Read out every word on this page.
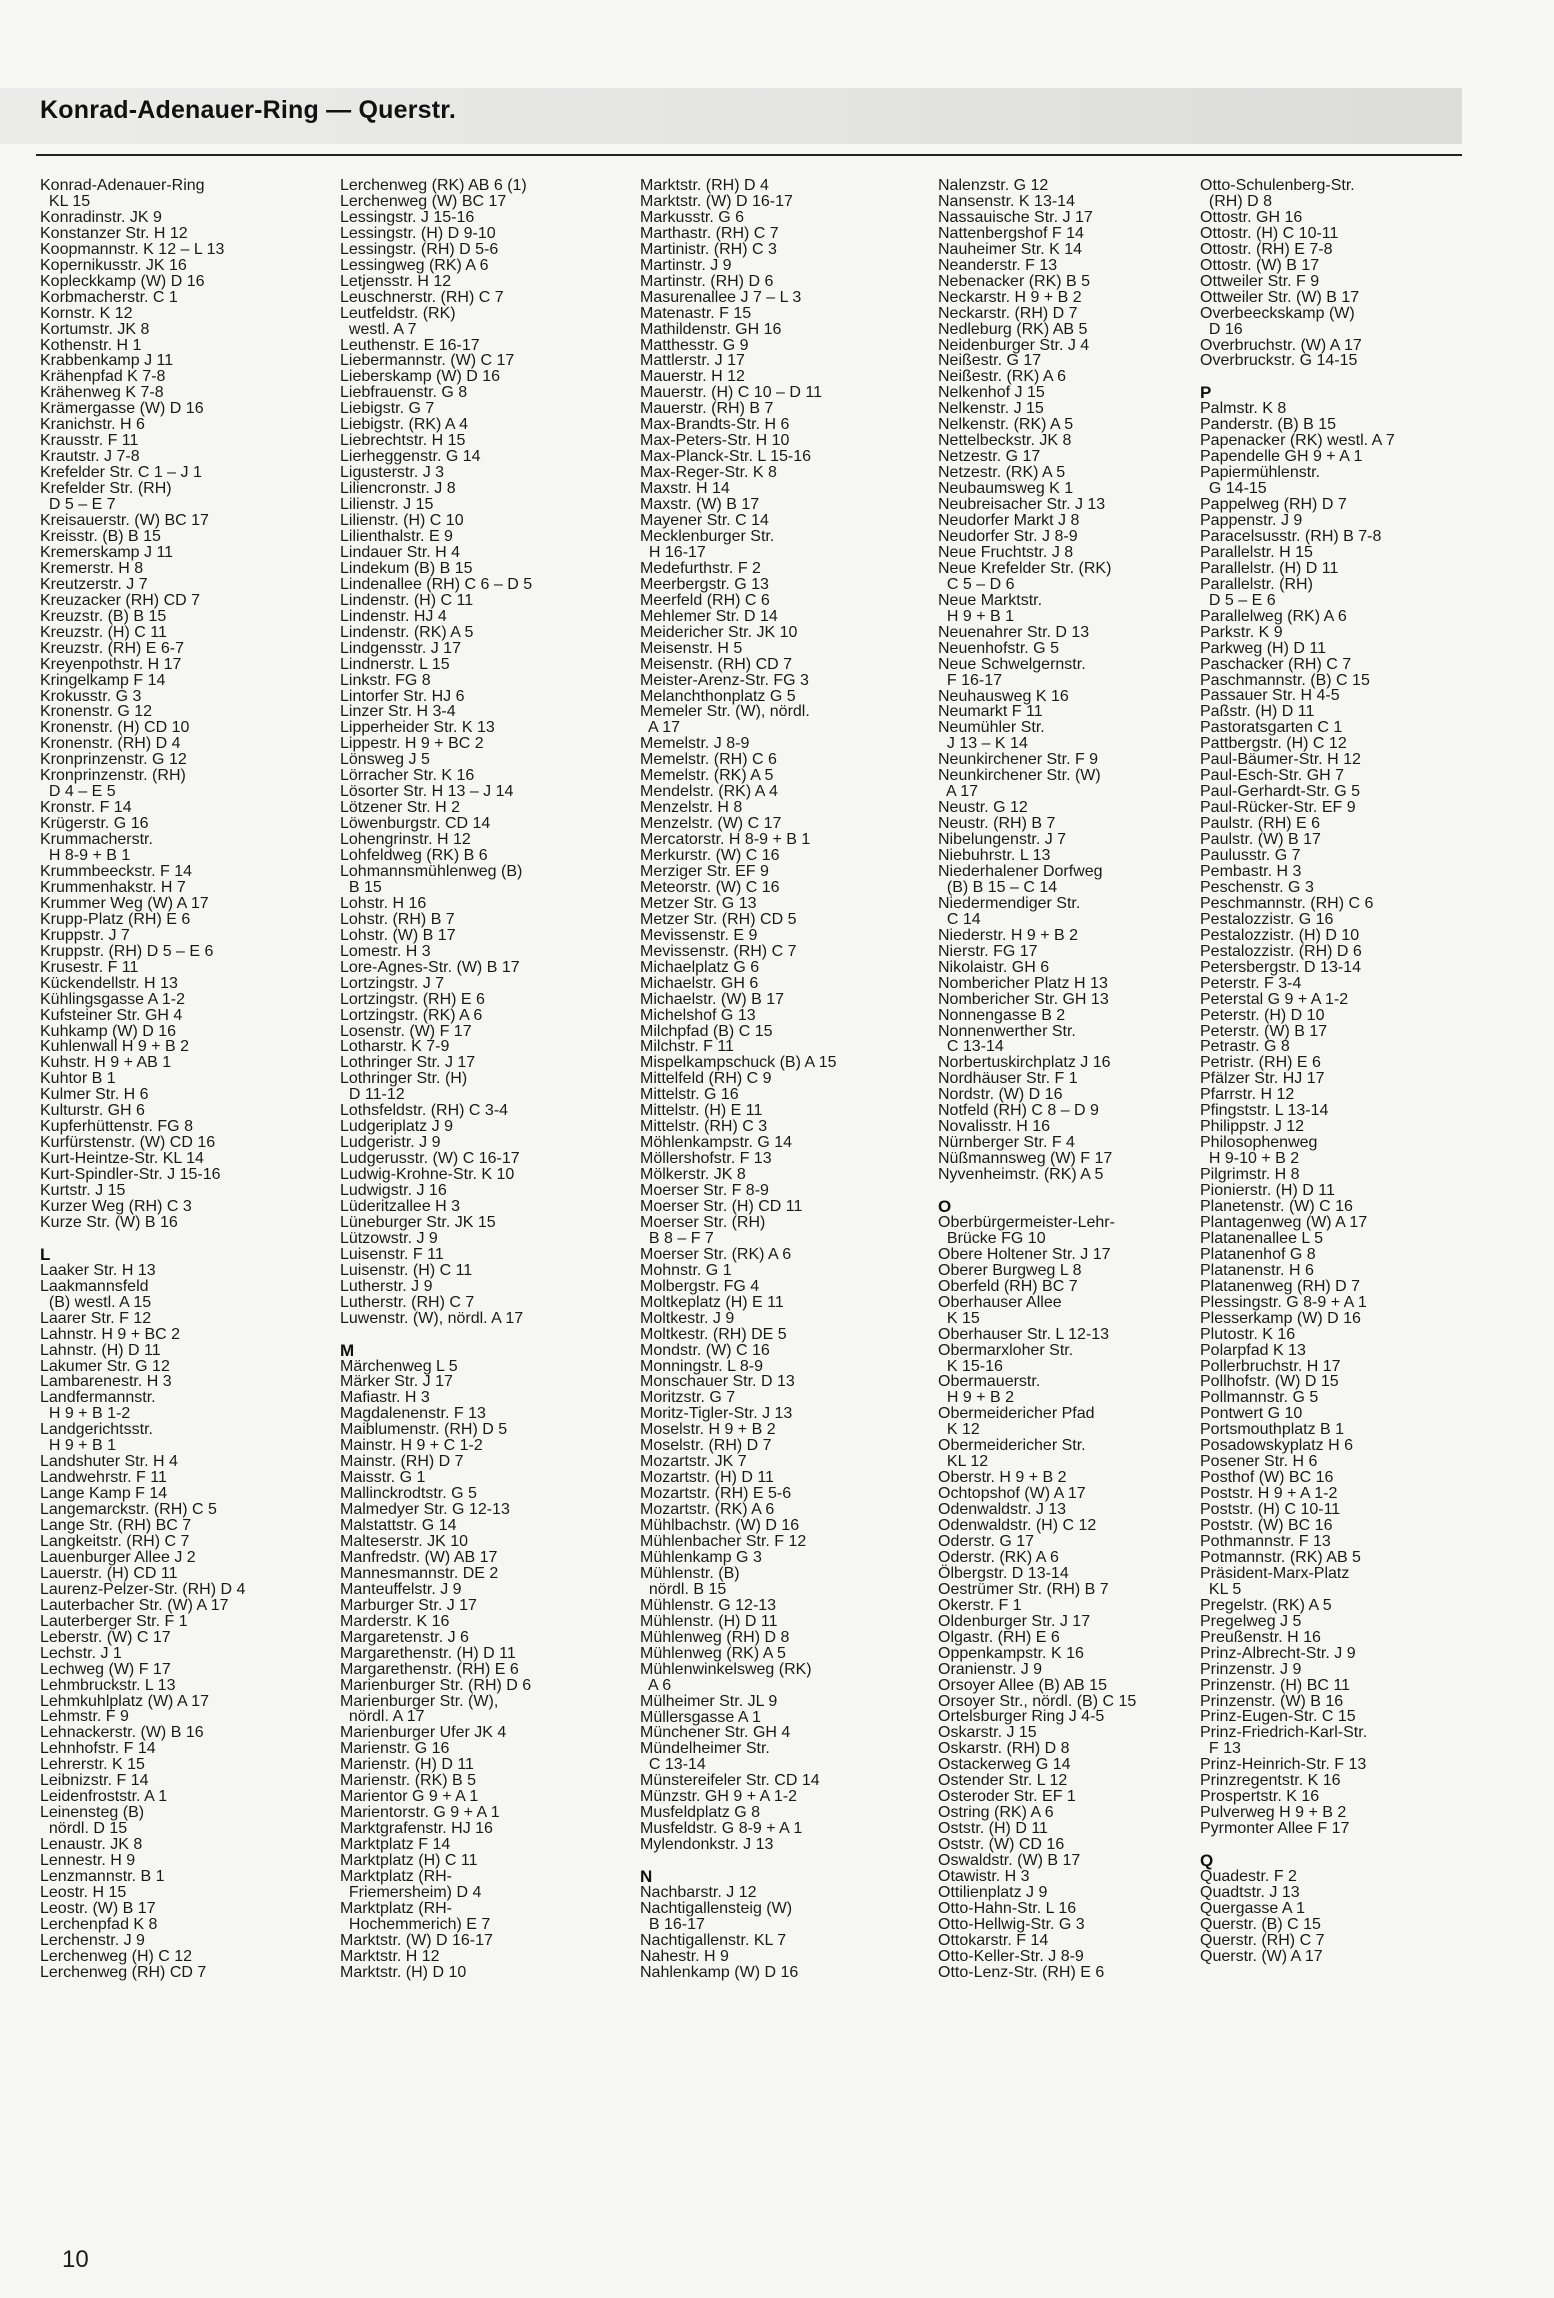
Konrad-Adenauer-Ring — Querstr.
Konrad-Adenauer-Ring
KL 15
Konradinstr. JK 9
Konstanzer Str. H 12
Koopmannstr. K 12 – L 13
Kopernikusstr. JK 16
Kopleckkamp (W) D 16
Korbmacherstr. C 1
Kornstr. K 12
Kortumstr. JK 8
Kothenstr. H 1
Krabbenkamp J 11
Krähenpfad K 7-8
Krähenweg K 7-8
Krämergasse (W) D 16
Kranichstr. H 6
Krausstr. F 11
Krautstr. J 7-8
Krefelder Str. C 1 – J 1
Krefelder Str. (RH)
D 5 – E 7
Kreisauerstr. (W) BC 17
Kreisstr. (B) B 15
Kremerskamp J 11
Kremerstr. H 8
Kreutzerstr. J 7
Kreuzacker (RH) CD 7
Kreuzstr. (B) B 15
Kreuzstr. (H) C 11
Kreuzstr. (RH) E 6-7
Kreyenpothstr. H 17
Kringelkamp F 14
Krokusstr. G 3
Kronenstr. G 12
Kronenstr. (H) CD 10
Kronenstr. (RH) D 4
Kronprinzenstr. G 12
Kronprinzenstr. (RH)
D 4 – E 5
Kronstr. F 14
Krügerstr. G 16
Krummacherstr.
H 8-9 + B 1
Krummbeeckstr. F 14
Krummenhakstr. H 7
Krummer Weg (W) A 17
Krupp-Platz (RH) E 6
Kruppstr. J 7
Kruppstr. (RH) D 5 – E 6
Krusestr. F 11
Kückendellstr. H 13
Kühlingsgasse A 1-2
Kufsteiner Str. GH 4
Kuhkamp (W) D 16
Kuhlenwall H 9 + B 2
Kuhstr. H 9 + AB 1
Kuhtor B 1
Kulmer Str. H 6
Kulturstr. GH 6
Kupferhüttenstr. FG 8
Kurfürstenstr. (W) CD 16
Kurt-Heintze-Str. KL 14
Kurt-Spindler-Str. J 15-16
Kurtstr. J 15
Kurzer Weg (RH) C 3
Kurze Str. (W) B 16
L
Laaker Str. H 13
Laakmannsfeld
(B) westl. A 15
Laarer Str. F 12
Lahnstr. H 9 + BC 2
Lahnstr. (H) D 11
Lakumer Str. G 12
Lambarenestr. H 3
Landfermannstr.
H 9 + B 1-2
Landgerichtsstr.
H 9 + B 1
Landshuter Str. H 4
Landwehrstr. F 11
Lange Kamp F 14
Langemarckstr. (RH) C 5
Lange Str. (RH) BC 7
Langkeitstr. (RH) C 7
Lauenburger Allee J 2
Lauerstr. (H) CD 11
Laurenz-Pelzer-Str. (RH) D 4
Lauterbacher Str. (W) A 17
Lauterberger Str. F 1
Leberstr. (W) C 17
Lechstr. J 1
Lechweg (W) F 17
Lehmbruckstr. L 13
Lehmkuhlplatz (W) A 17
Lehmstr. F 9
Lehnackerstr. (W) B 16
Lehnhofstr. F 14
Lehrerstr. K 15
Leibnizstr. F 14
Leidenfroststr. A 1
Leinensteg (B)
nördl. D 15
Lenaustr. JK 8
Lennestr. H 9
Lenzmannstr. B 1
Leostr. H 15
Leostr. (W) B 17
Lerchenpfad K 8
Lerchenstr. J 9
Lerchenweg (H) C 12
Lerchenweg (RH) CD 7
Lerchenweg (RK) AB 6 (1)
Lerchenweg (W) BC 17
Lessingstr. J 15-16
Lessingstr. (H) D 9-10
Lessingstr. (RH) D 5-6
Lessingweg (RK) A 6
Letjensstr. H 12
Leuschnerstr. (RH) C 7
Leutfeldstr. (RK)
westl. A 7
Leuthenstr. E 16-17
Liebermannstr. (W) C 17
Lieberskamp (W) D 16
Liebfrauenstr. G 8
Liebigstr. G 7
Liebigstr. (RK) A 4
Liebrechtstr. H 15
Lierheggenstr. G 14
Ligusterstr. J 3
Liliencronstr. J 8
Lilienstr. J 15
Lilienstr. (H) C 10
Lilienthalstr. E 9
Lindauer Str. H 4
Lindekum (B) B 15
Lindenallee (RH) C 6 – D 5
Lindenstr. (H) C 11
Lindenstr. HJ 4
Lindenstr. (RK) A 5
Lindgensstr. J 17
Lindnerstr. L 15
Linkstr. FG 8
Lintorfer Str. HJ 6
Linzer Str. H 3-4
Lipperheider Str. K 13
Lippestr. H 9 + BC 2
Lönsweg J 5
Lörracher Str. K 16
Lösorter Str. H 13 – J 14
Lötzener Str. H 2
Löwenburgstr. CD 14
Lohengrinstr. H 12
Lohfeldweg (RK) B 6
Lohmannsmühlenweg (B)
B 15
Lohstr. H 16
Lohstr. (RH) B 7
Lohstr. (W) B 17
Lomestr. H 3
Lore-Agnes-Str. (W) B 17
Lortzingstr. J 7
Lortzingstr. (RH) E 6
Lortzingstr. (RK) A 6
Losenstr. (W) F 17
Lotharstr. K 7-9
Lothringer Str. J 17
Lothringer Str. (H)
D 11-12
Lothsfeldstr. (RH) C 3-4
Ludgeriplatz J 9
Ludgeristr. J 9
Ludgerusstr. (W) C 16-17
Ludwig-Krohne-Str. K 10
Ludwigstr. J 16
Lüderitzallee H 3
Lüneburger Str. JK 15
Lützowstr. J 9
Luisenstr. F 11
Luisenstr. (H) C 11
Lutherstr. J 9
Lutherstr. (RH) C 7
Luwenstr. (W), nördl. A 17
M
Märchenweg L 5
Märker Str. J 17
Mafiastr. H 3
Magdalenenstr. F 13
Maiblumenstr. (RH) D 5
Mainstr. H 9 + C 1-2
Mainstr. (RH) D 7
Maisstr. G 1
Mallinckrodtstr. G 5
Malmedyer Str. G 12-13
Malstattstr. G 14
Malteserstr. JK 10
Manfredstr. (W) AB 17
Mannesmannstr. DE 2
Manteuffelstr. J 9
Marburger Str. J 17
Marderstr. K 16
Margaretenstr. J 6
Margarethenstr. (H) D 11
Margarethenstr. (RH) E 6
Marienburger Str. (RH) D 6
Marienburger Str. (W),
nördl. A 17
Marienburger Ufer JK 4
Marienstr. G 16
Marienstr. (H) D 11
Marienstr. (RK) B 5
Marientor G 9 + A 1
Marientorstr. G 9 + A 1
Marktgrafenstr. HJ 16
Marktplatz F 14
Marktplatz (H) C 11
Marktplatz (RH-
Friemersheim) D 4
Marktplatz (RH-
Hochemmerich) E 7
Marktstr. (W) D 16-17
Marktstr. H 12
Marktstr. (H) D 10
Marktstr. (RH) D 4
Marktstr. (W) D 16-17
Markusstr. G 6
Marthastr. (RH) C 7
Martinistr. (RH) C 3
Martinstr. J 9
Martinstr. (RH) D 6
Masurenallee J 7 – L 3
Matenastr. F 15
Mathildenstr. GH 16
Matthesstr. G 9
Mattlerstr. J 17
Mauerstr. H 12
Mauerstr. (H) C 10 – D 11
Mauerstr. (RH) B 7
Max-Brandts-Str. H 6
Max-Peters-Str. H 10
Max-Planck-Str. L 15-16
Max-Reger-Str. K 8
Maxstr. H 14
Maxstr. (W) B 17
Mayener Str. C 14
Mecklenburger Str.
H 16-17
Medefurthstr. F 2
Meerbergstr. G 13
Meerfeld (RH) C 6
Mehlemer Str. D 14
Meidericher Str. JK 10
Meisenstr. H 5
Meisenstr. (RH) CD 7
Meister-Arenz-Str. FG 3
Melanchthonplatz G 5
Memeler Str. (W), nördl.
A 17
Memelstr. J 8-9
Memelstr. (RH) C 6
Memelstr. (RK) A 5
Mendelstr. (RK) A 4
Menzelstr. H 8
Menzelstr. (W) C 17
Mercatorstr. H 8-9 + B 1
Merkurstr. (W) C 16
Merziger Str. EF 9
Meteorstr. (W) C 16
Metzer Str. G 13
Metzer Str. (RH) CD 5
Mevissenstr. E 9
Mevissenstr. (RH) C 7
Michaelplatz G 6
Michaelstr. GH 6
Michaelstr. (W) B 17
Michelshof G 13
Milchpfad (B) C 15
Milchstr. F 11
Mispelkampschuck (B) A 15
Mittelfeld (RH) C 9
Mittelstr. G 16
Mittelstr. (H) E 11
Mittelstr. (RH) C 3
Möhlenkampstr. G 14
Möllershofstr. F 13
Mölkerstr. JK 8
Moerser Str. F 8-9
Moerser Str. (H) CD 11
Moerser Str. (RH)
B 8 – F 7
Moerser Str. (RK) A 6
Mohnstr. G 1
Molbergstr. FG 4
Moltkeplatz (H) E 11
Moltkestr. J 9
Moltkestr. (RH) DE 5
Mondstr. (W) C 16
Monningstr. L 8-9
Monschauer Str. D 13
Moritzstr. G 7
Moritz-Tigler-Str. J 13
Moselstr. H 9 + B 2
Moselstr. (RH) D 7
Mozartstr. JK 7
Mozartstr. (H) D 11
Mozartstr. (RH) E 5-6
Mozartstr. (RK) A 6
Mühlbachstr. (W) D 16
Mühlenbacher Str. F 12
Mühlenkamp G 3
Mühlenstr. (B)
nördl. B 15
Mühlenstr. G 12-13
Mühlenstr. (H) D 11
Mühlenweg (RH) D 8
Mühlenweg (RK) A 5
Mühlenwinkelsweg (RK)
A 6
Mülheimer Str. JL 9
Müllersgasse A 1
Münchener Str. GH 4
Mündelheimer Str.
C 13-14
Münstereifeler Str. CD 14
Münzstr. GH 9 + A 1-2
Musfeldplatz G 8
Musfeldstr. G 8-9 + A 1
Mylendonkstr. J 13
N
Nachbarstr. J 12
Nachtigallensteig (W)
B 16-17
Nachtigallenstr. KL 7
Nahestr. H 9
Nahlenkamp (W) D 16
Nalenzstr. G 12
Nansenstr. K 13-14
Nassauische Str. J 17
Nattenbergshof F 14
Nauheimer Str. K 14
Neanderstr. F 13
Nebenacker (RK) B 5
Neckarstr. H 9 + B 2
Neckarstr. (RH) D 7
Nedleburg (RK) AB 5
Neidenburger Str. J 4
Neißestr. G 17
Neißestr. (RK) A 6
Nelkenhof J 15
Nelkenstr. J 15
Nelkenstr. (RK) A 5
Nettelbeckstr. JK 8
Netzestr. G 17
Netzestr. (RK) A 5
Neubaumsweg K 1
Neubreisacher Str. J 13
Neudorfer Markt J 8
Neudorfer Str. J 8-9
Neue Fruchtstr. J 8
Neue Krefelder Str. (RK)
C 5 – D 6
Neue Marktstr.
H 9 + B 1
Neuenahrer Str. D 13
Neuenhofstr. G 5
Neue Schwelgernstr.
F 16-17
Neuhausweg K 16
Neumarkt F 11
Neumühler Str.
J 13 – K 14
Neunkirchener Str. F 9
Neunkirchener Str. (W)
A 17
Neustr. G 12
Neustr. (RH) B 7
Nibelungenstr. J 7
Niebuhrstr. L 13
Niederhalener Dorfweg
(B) B 15 – C 14
Niedermendiger Str.
C 14
Niederstr. H 9 + B 2
Nierstr. FG 17
Nikolaistr. GH 6
Nombericher Platz H 13
Nombericher Str. GH 13
Nonnengasse B 2
Nonnenwerther Str.
C 13-14
Norbertuskirchplatz J 16
Nordhäuser Str. F 1
Nordstr. (W) D 16
Notfeld (RH) C 8 – D 9
Novalisstr. H 16
Nürnberger Str. F 4
Nüßmannsweg (W) F 17
Nyvenheimstr. (RK) A 5
O
Oberbürgermeister-Lehr-
Brücke FG 10
Obere Holtener Str. J 17
Oberer Burgweg L 8
Oberfeld (RH) BC 7
Oberhauser Allee
K 15
Oberhauser Str. L 12-13
Obermarxloher Str.
K 15-16
Obermauerstr.
H 9 + B 2
Obermeidericher Pfad
K 12
Obermeidericher Str.
KL 12
Oberstr. H 9 + B 2
Ochtopshof (W) A 17
Odenwaldstr. J 13
Odenwaldstr. (H) C 12
Oderstr. G 17
Oderstr. (RK) A 6
Ölbergstr. D 13-14
Oestrümer Str. (RH) B 7
Okerstr. F 1
Oldenburger Str. J 17
Olgastr. (RH) E 6
Oppenkampstr. K 16
Oranienstr. J 9
Orsoyer Allee (B) AB 15
Orsoyer Str., nördl. (B) C 15
Ortelsburger Ring J 4-5
Oskarstr. J 15
Oskarstr. (RH) D 8
Ostackerweg G 14
Ostender Str. L 12
Osteroder Str. EF 1
Ostring (RK) A 6
Oststr. (H) D 11
Oststr. (W) CD 16
Oswaldstr. (W) B 17
Otawistr. H 3
Ottilienplatz J 9
Otto-Hahn-Str. L 16
Otto-Hellwig-Str. G 3
Ottokarstr. F 14
Otto-Keller-Str. J 8-9
Otto-Lenz-Str. (RH) E 6
Otto-Schulenberg-Str.
(RH) D 8
Ottostr. GH 16
Ottostr. (H) C 10-11
Ottostr. (RH) E 7-8
Ottostr. (W) B 17
Ottweiler Str. F 9
Ottweiler Str. (W) B 17
Overbeeckskamp (W)
D 16
Overbruchstr. (W) A 17
Overbruckstr. G 14-15
P
Palmstr. K 8
Panderstr. (B) B 15
Papenacker (RK) westl. A 7
Papendelle GH 9 + A 1
Papiermühlenstr.
G 14-15
Pappelweg (RH) D 7
Pappenstr. J 9
Paracelsusstr. (RH) B 7-8
Parallelstr. H 15
Parallelstr. (H) D 11
Parallelstr. (RH)
D 5 – E 6
Parallelweg (RK) A 6
Parkstr. K 9
Parkweg (H) D 11
Paschacker (RH) C 7
Paschmannstr. (B) C 15
Passauer Str. H 4-5
Paßstr. (H) D 11
Pastoratsgarten C 1
Pattbergstr. (H) C 12
Paul-Bäumer-Str. H 12
Paul-Esch-Str. GH 7
Paul-Gerhardt-Str. G 5
Paul-Rücker-Str. EF 9
Paulstr. (RH) E 6
Paulstr. (W) B 17
Paulusstr. G 7
Pembastr. H 3
Peschenstr. G 3
Peschmannstr. (RH) C 6
Pestalozzistr. G 16
Pestalozzistr. (H) D 10
Pestalozzistr. (RH) D 6
Petersbergstr. D 13-14
Peterstr. F 3-4
Peterstal G 9 + A 1-2
Peterstr. (H) D 10
Peterstr. (W) B 17
Petrastr. G 8
Petristr. (RH) E 6
Pfälzer Str. HJ 17
Pfarrstr. H 12
Pfingststr. L 13-14
Philippstr. J 12
Philosophenweg
H 9-10 + B 2
Pilgrimstr. H 8
Pionierstr. (H) D 11
Planetenstr. (W) C 16
Plantagenweg (W) A 17
Platanenallee L 5
Platanenhof G 8
Platanenstr. H 6
Platanenweg (RH) D 7
Plessingstr. G 8-9 + A 1
Plesserkamp (W) D 16
Plutostr. K 16
Polarpfad K 13
Pollerbruchstr. H 17
Pollhofstr. (W) D 15
Pollmannstr. G 5
Pontwert G 10
Portsmouthplatz B 1
Posadowskyplatz H 6
Posener Str. H 6
Posthof (W) BC 16
Poststr. H 9 + A 1-2
Poststr. (H) C 10-11
Poststr. (W) BC 16
Pothmannstr. F 13
Potmannstr. (RK) AB 5
Präsident-Marx-Platz
KL 5
Pregelstr. (RK) A 5
Pregelweg J 5
Preußenstr. H 16
Prinz-Albrecht-Str. J 9
Prinzenstr. J 9
Prinzenstr. (H) BC 11
Prinzenstr. (W) B 16
Prinz-Eugen-Str. C 15
Prinz-Friedrich-Karl-Str.
F 13
Prinz-Heinrich-Str. F 13
Prinzregentstr. K 16
Prospertstr. K 16
Pulverweg H 9 + B 2
Pyrmonter Allee F 17
Q
Quadestr. F 2
Quadtstr. J 13
Quergasse A 1
Querstr. (B) C 15
Querstr. (RH) C 7
Querstr. (W) A 17
10
